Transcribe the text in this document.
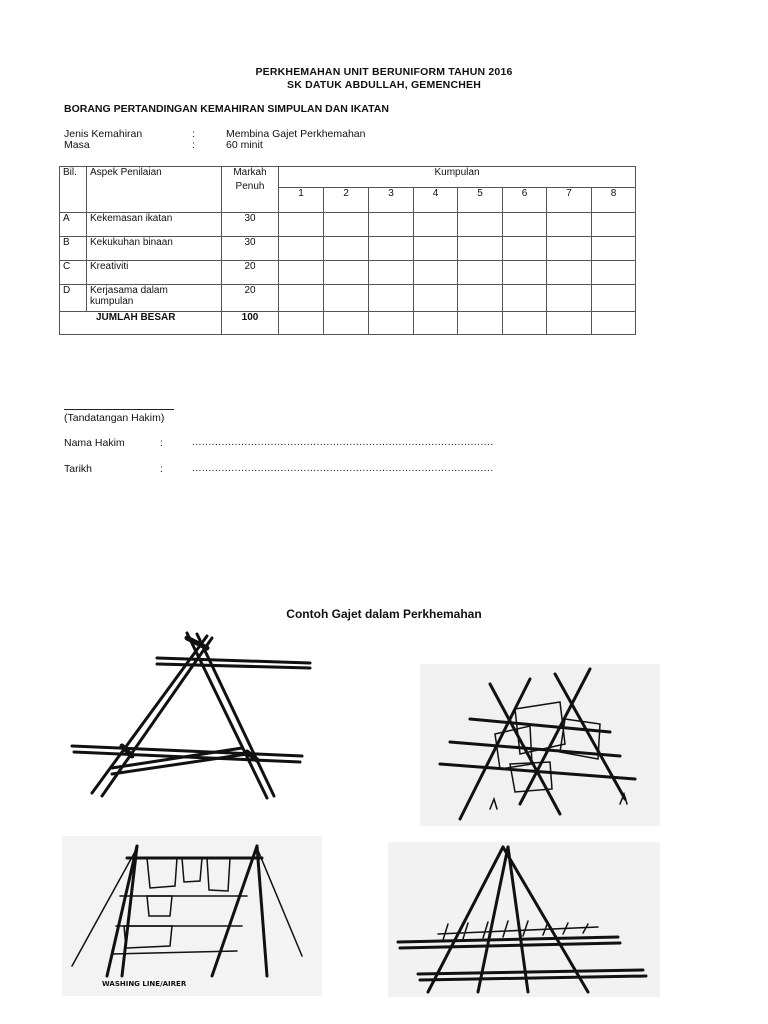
PERKHEMAHAN UNIT BERUNIFORM TAHUN 2016
SK DATUK ABDULLAH, GEMENCHEH
BORANG PERTANDINGAN KEMAHIRAN SIMPULAN DAN IKATAN
Jenis Kemahiran	:	Membina Gajet Perkhemahan
Masa	:	60 minit
Bil.	Aspek Penilaian	Markah
Penuh	Kumpulan							
			1	2	3	4	5	6	7	8
A	Kekemasan ikatan	30								
B	Kekukuhan binaan	30								
C	Kreativiti	20								
D	Kerjasama dalam
kumpulan	20								
JUMLAH BESAR		100								
(Tandatangan Hakim)
Nama Hakim	:	............................................................................................
Tarikh	:	............................................................................................
Contoh Gajet dalam Perkhemahan
WASHING LINE/AIRER
